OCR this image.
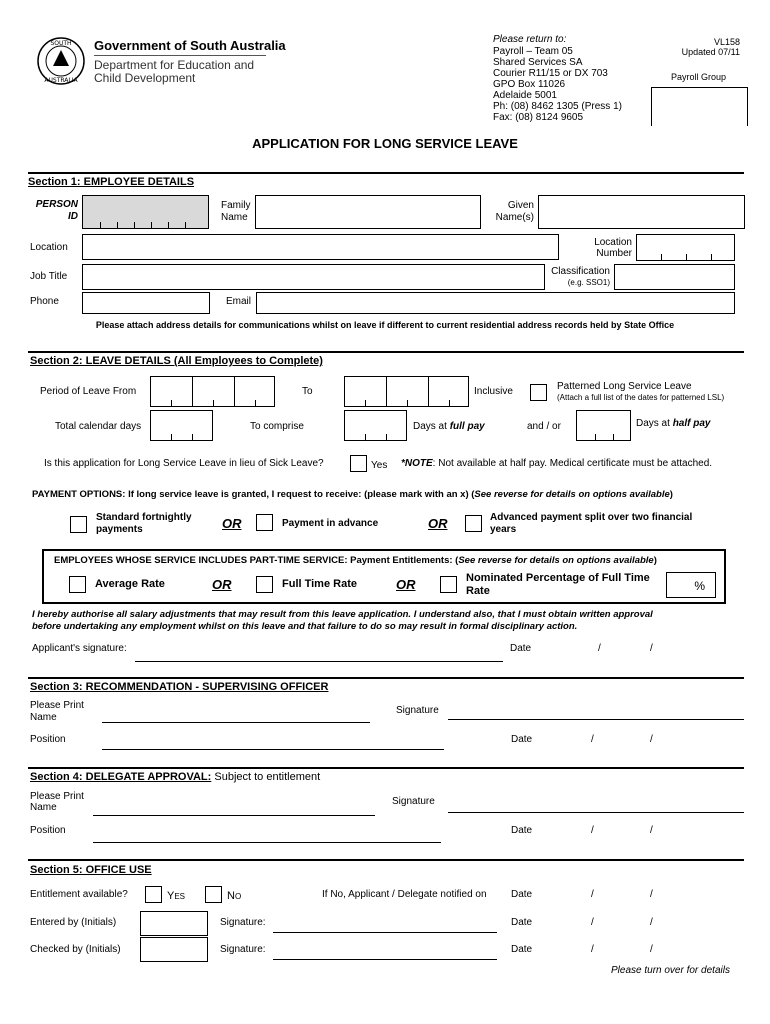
SOUTH
AUSTRALIA
Government of South Australia
Department for Education and
Child Development
Please return to:
Payroll – Team 05
Shared Services SA
Courier R11/15 or DX 703
GPO Box 11026
Adelaide 5001
Ph: (08) 8462 1305 (Press 1)
Fax: (08) 8124 9605
VL158
Updated 07/11
Payroll Group
APPLICATION FOR LONG SERVICE LEAVE
Section 1: EMPLOYEE DETAILS
PERSON
ID
Family
Name
Given
Name(s)
Location	Location
Number
Job Title	Classification
(e.g. SSO1)
Phone	Email
Please attach address details for communications whilst on leave if different to current residential address records held by State Office
Section 2: LEAVE DETAILS (All Employees to Complete)
Period of Leave From	To	Inclusive	Patterned Long Service Leave
(Attach a full list of the dates for patterned LSL)
Total calendar days	To comprise	Days at full pay	and / or	Days at half pay
Is this application for Long Service Leave in lieu of Sick Leave?	Yes *NOTE: Not available at half pay. Medical certificate must be attached.
PAYMENT OPTIONS: If long service leave is granted, I request to receive: (please mark with an x) (See reverse for details on options available)
Standard fortnightly
payments	OR	Payment in advance	OR	Advanced payment split over two financial
years
EMPLOYEES WHOSE SERVICE INCLUDES PART-TIME SERVICE: Payment Entitlements: (See reverse for details on options available)
Average Rate	OR	Full Time Rate	OR	Nominated Percentage of Full Time
Rate	%
I hereby authorise all salary adjustments that may result from this leave application. I understand also, that I must obtain written approval
before undertaking any employment whilst on this leave and that failure to do so may result in formal disciplinary action.
Applicant's signature:	Date	/	/
Section 3: RECOMMENDATION - SUPERVISING OFFICER
Please Print
Name
Signature
Position	Date	/	/
Section 4: DELEGATE APPROVAL: Subject to entitlement
Please Print
Name
Signature
Position	Date	/	/
Section 5: OFFICE USE
Entitlement available?	Yes	No	If No, Applicant / Delegate notified on Date	/	/
Entered by (Initials)	Signature:	Date	/	/
Checked by (Initials)	Signature:	Date	/	/
Please turn over for details
